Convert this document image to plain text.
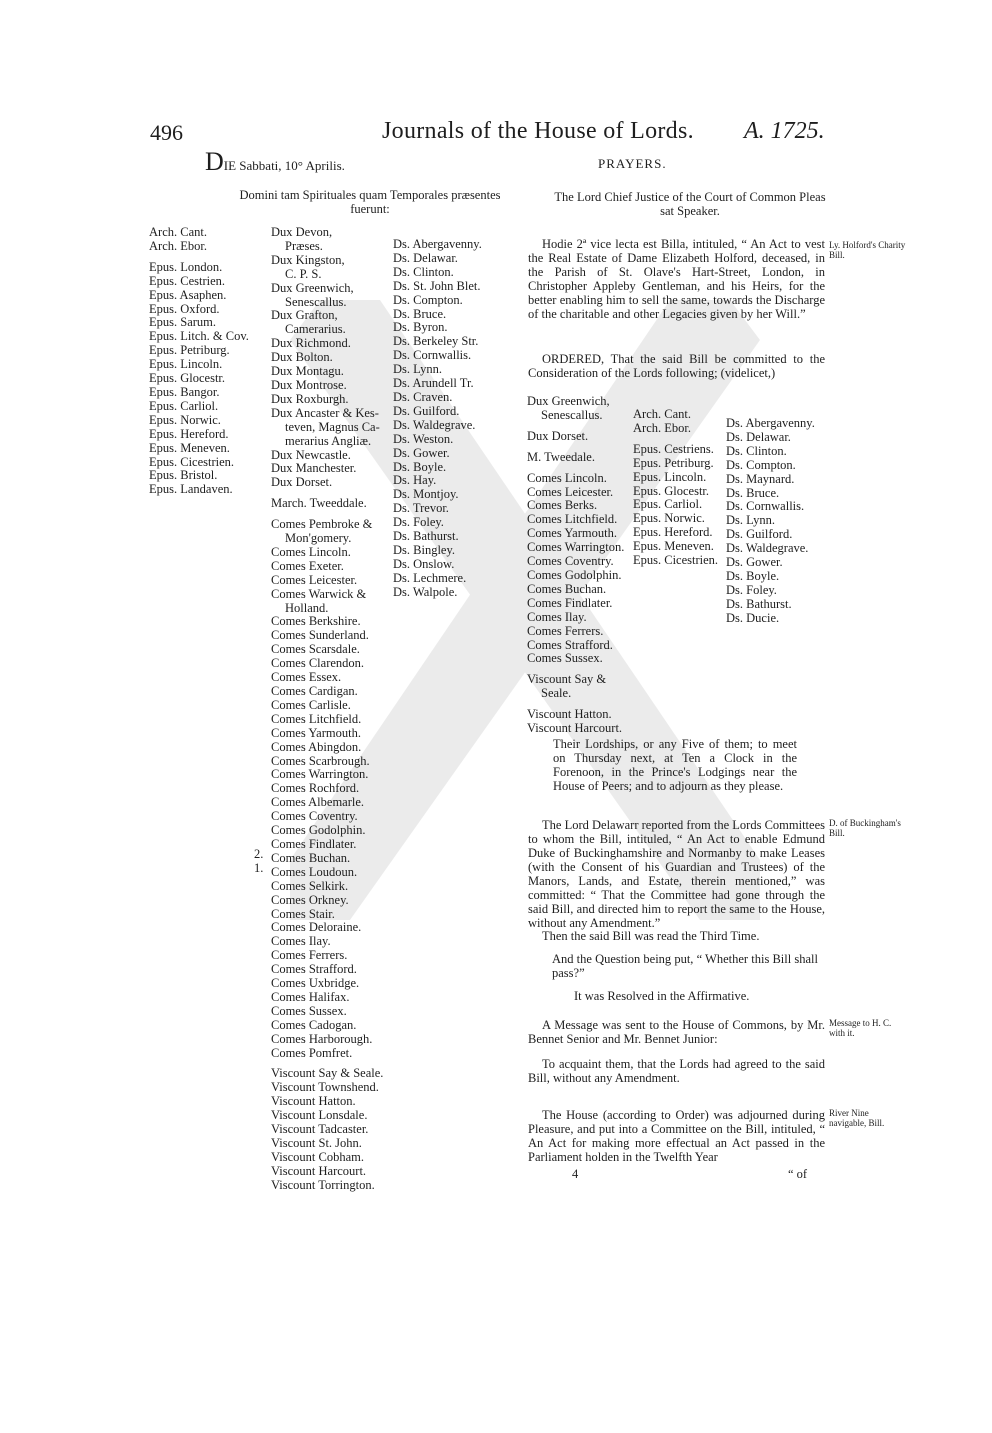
496	Journals of the House of Lords. A. 1725.
DIE Sabbati, 10° Aprilis.
Domini tam Spirituales quam Temporales præsentes fuerunt:
Arch. Cant.
Arch. Ebor.
Epus. London.
Epus. Cestrien.
Epus. Asaphen.
Epus. Oxford.
Epus. Sarum.
Epus. Litch. & Cov.
Epus. Petriburg.
Epus. Lincoln.
Epus. Glocestr.
Epus. Bangor.
Epus. Carliol.
Epus. Norwic.
Epus. Hereford.
Epus. Meneven.
Epus. Cicestrien.
Epus. Bristol.
Epus. Landaven.
Dux Devon,
Præses.
Dux Kingston,
C. P. S.
Dux Greenwich,
Senescallus.
Dux Grafton,
Camerarius.
Dux Richmond.
Dux Bolton.
Dux Montagu.
Dux Montrose.
Dux Roxburgh.
Dux Ancaster & Kes-
teven, Magnus Ca-
merarius Angliæ.
Dux Newcastle.
Dux Manchester.
Dux Dorset.
March. Tweeddale.
Comes Pembroke &
Mon'gomery.
Comes Lincoln.
Comes Exeter.
Comes Leicester.
Comes Warwick &
Holland.
Comes Berkshire.
Comes Sunderland.
Comes Scarsdale.
Comes Clarendon.
Comes Essex.
Comes Cardigan.
Comes Carlisle.
Comes Litchfield.
Comes Yarmouth.
Comes Abingdon.
Comes Scarbrough.
Comes Warrington.
Comes Rochford.
Comes Albemarle.
Comes Coventry.
Comes Godolphin.
Comes Findlater.
Comes Buchan.
Comes Loudoun.
Comes Selkirk.
Comes Orkney.
Comes Stair.
Comes Deloraine.
Comes Ilay.
Comes Ferrers.
Comes Strafford.
Comes Uxbridge.
Comes Halifax.
Comes Sussex.
Comes Cadogan.
Comes Harborough.
Comes Pomfret.
Viscount Say & Seale.
Viscount Townshend.
Viscount Hatton.
Viscount Lonsdale.
Viscount Tadcaster.
Viscount St. John.
Viscount Cobham.
Viscount Harcourt.
Viscount Torrington.
Ds. Abergavenny.
Ds. Delawar.
Ds. Clinton.
Ds. St. John Blet.
Ds. Compton.
Ds. Bruce.
Ds. Byron.
Ds. Berkeley Str.
Ds. Cornwallis.
Ds. Lynn.
Ds. Arundell Tr.
Ds. Craven.
Ds. Guilford.
Ds. Waldegrave.
Ds. Weston.
Ds. Gower.
Ds. Boyle.
Ds. Hay.
Ds. Montjoy.
Ds. Trevor.
Ds. Foley.
Ds. Bathurst.
Ds. Bingley.
Ds. Onslow.
Ds. Lechmere.
Ds. Walpole.
2.
1.
PRAYERS.
The Lord Chief Justice of the Court of Common Pleas sat Speaker.
Hodie 2ª vice lecta est Billa, intituled, “ An Act to vest the Real Estate of Dame Elizabeth Holford, deceased, in the Parish of St. Olave's Hart-Street, London, in Christopher Appleby Gentleman, and his Heirs, for the better enabling him to sell the same, towards the Discharge of the charitable and other Legacies given by her Will.”
Ly. Holford's Charity Bill.
ORDERED, That the said Bill be committed to the Consideration of the Lords following; (videlicet,)
Dux Greenwich,
Senescallus.
Dux Dorset.
M. Tweedale.
Comes Lincoln.
Comes Leicester.
Comes Berks.
Comes Litchfield.
Comes Yarmouth.
Comes Warrington.
Comes Coventry.
Comes Godolphin.
Comes Buchan.
Comes Findlater.
Comes Ilay.
Comes Ferrers.
Comes Strafford.
Comes Sussex.
Viscount Say &
Seale.
Viscount Hatton.
Viscount Harcourt.
Arch. Cant.
Arch. Ebor.
Epus. Cestriens.
Epus. Petriburg.
Epus. Lincoln.
Epus. Glocestr.
Epus. Carliol.
Epus. Norwic.
Epus. Hereford.
Epus. Meneven.
Epus. Cicestrien.
Ds. Abergavenny.
Ds. Delawar.
Ds. Clinton.
Ds. Compton.
Ds. Maynard.
Ds. Bruce.
Ds. Cornwallis.
Ds. Lynn.
Ds. Guilford.
Ds. Waldegrave.
Ds. Gower.
Ds. Boyle.
Ds. Foley.
Ds. Bathurst.
Ds. Ducie.
Their Lordships, or any Five of them; to meet on Thursday next, at Ten a Clock in the Forenoon, in the Prince's Lodgings near the House of Peers; and to adjourn as they please.
The Lord Delawarr reported from the Lords Committees to whom the Bill, intituled, “ An Act to enable Edmund Duke of Buckinghamshire and Normanby to make Leases (with the Consent of his Guardian and Trustees) of the Manors, Lands, and Estate, therein mentioned,” was committed: “ That the Committee had gone through the said Bill, and directed him to report the same to the House, without any Amendment.”
D. of Buckingham's Bill.
Then the said Bill was read the Third Time.
And the Question being put, “ Whether this Bill shall pass?”
It was Resolved in the Affirmative.
A Message was sent to the House of Commons, by Mr. Bennet Senior and Mr. Bennet Junior:
Message to H. C. with it.
To acquaint them, that the Lords had agreed to the said Bill, without any Amendment.
The House (according to Order) was adjourned during Pleasure, and put into a Committee on the Bill, intituled, “ An Act for making more effectual an Act passed in the Parliament holden in the Twelfth Year
River Nine navigable, Bill.
4	“ of
